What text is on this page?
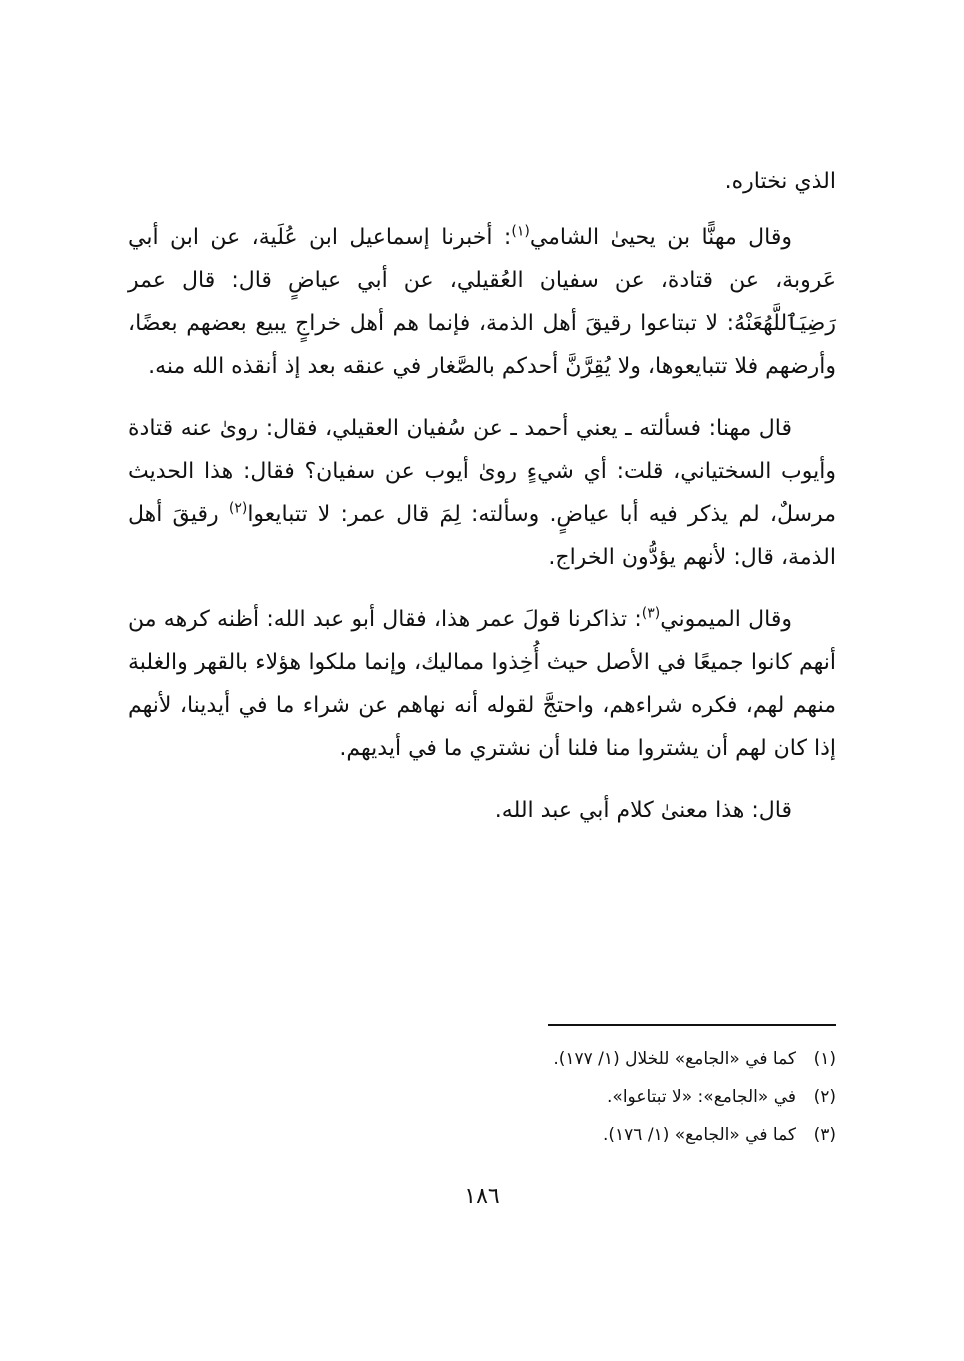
الذي نختاره.

وقال مهنًّا بن يحيىٰ الشامي$^{(١)}$: أخبرنا إسماعيل ابن عُلَية، عن ابن أبي عَروبة، عن قتادة، عن سفيان العُقيلي، عن أبي عياضٍ قال: قال عمر رَضِيَٱللَّهُعَنْهُ: لا تبتاعوا رقيقَ أهل الذمة، فإنما هم أهل خراجٍ يبيع بعضهم بعضًا، وأرضهم فلا تتبايعوها، ولا يُقِرَّنَّ أحدكم بالصَّغار في عنقه بعد إذ أنقذه الله منه.
قال مهنا: فسألته ـ يعني أحمد ـ عن سُفيان العقيلي، فقال: روىٰ عنه قتادة وأيوب السختياني، قلت: أي شيءٍ روىٰ أيوب عن سفيان؟ فقال: هذا الحديث مرسلٌ، لم يذكر فيه أبا عياضٍ. وسألته: لِمَ قال عمر: لا تتبايعوا$^{(٢)}$ رقيقَ أهل الذمة، قال: لأنهم يؤدُّون الخراج.
وقال الميموني$^{(٣)}$: تذاكرنا قولَ عمر هذا، فقال أبو عبد الله: أظنه كرهه من أنهم كانوا جميعًا في الأصل حيث أُخِذوا مماليك، وإنما ملكوا هؤلاء بالقهر والغلبة منهم لهم، فكره شراءهم، واحتجَّ لقوله أنه نهاهم عن شراء ما في أيدينا، لأنهم إذا كان لهم أن يشتروا منا فلنا أن نشتري ما في أيديهم.

قال: هذا معنىٰ كلام أبي عبد الله.

(١)
كما في «الجامع» للخلال (١/ ١٧٧).
(٢)
في «الجامع»: «لا تبتاعوا».
(٣)
كما في «الجامع» (١/ ١٧٦).
١٨٦
